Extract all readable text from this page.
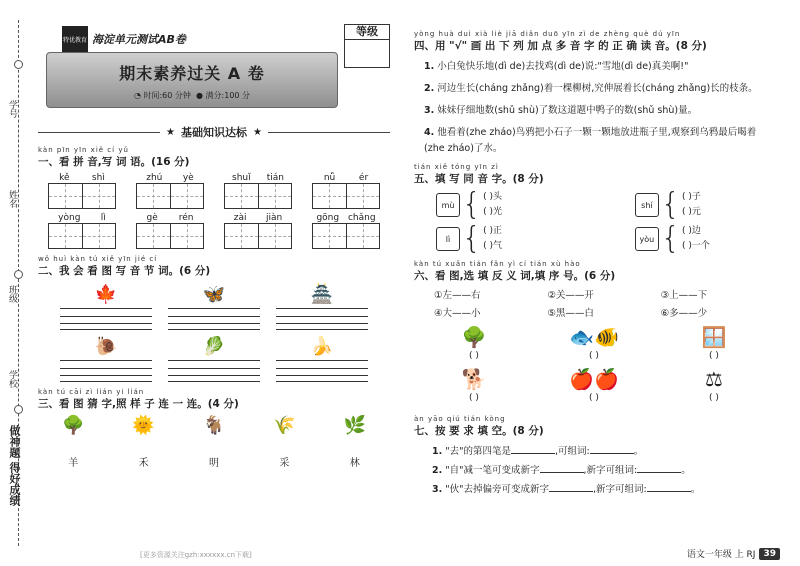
学号
姓名
班级
学校
做神题 得好成绩
特优教育 海淀单元测试AB卷
等级
期末素养过关 A 卷
◔ 时间:60 分钟 ● 满分:100 分
★ 基础知识达标 ★
kàn pīn yīn xiě cí yǔ
一、看 拼 音,写 词 语。(16 分)
kě shì	zhú yè	shuǐ tián	nǚ	ér
yòng lì	gè rén	zài jiàn	gōng chǎng
wǒ huì kàn tú xiě yīn jié cí
二、我 会 看 图 写 音 节 词。(6 分)
🍁	🦋	🏯
🐌	🥬	🍌
kàn tú cāi zì lián yi lián
三、看 图 猜 字,照 样 子 连 一 连。(4 分)
🌳	🌞	🐐	🌾	🌿
羊	禾	明	采	林
[更多资源关注gzh:xxxxxx.cn下载]
yòng huà duì xià liè jiā diǎn duō yīn zì de zhèng què dú yīn
四、用 "√" 画 出 下 列 加 点 多 音 字 的 正 确 读 音。(8 分)
1. 小白兔快乐地(dì de)去找鸡(dì de)说:"雪地(dì de)真美啊!"
2. 河边生长(cháng zhǎng)着一棵柳树,究伸展着长(cháng zhǎng)长的枝条。
3. 妹妹仔细地数(shǔ shù)了数这道题中鸭子的数(shǔ shù)量。
4. 他看着(zhe zháo)鸟鸦把小石子一颗一颗地放进瓶子里,观察到乌鸦最后喝着(zhe zháo)了水。
tián xiě tóng yīn zì
五、填 写 同 音 字。(8 分)
mù { ( )头
( )光
shí { ( )子
( )元
lì { ( )正
( )气
yòu { ( )边
( )一个
kàn tú xuǎn tián fǎn yì cí tián xù hào
六、看 图,选 填 反 义 词,填 序 号。(6 分)
①左——右	②关——开	③上——下
④大——小	⑤黑——白	⑥多——少
🌳
( )
🐟🐠
( )
🪟
( )
🐕
( )
🍎🍎
( )
⚖
( )
àn yāo qiú tián kòng
七、按 要 求 填 空。(8 分)
1. "去"的第四笔是	,可组词:	。
2. "自"减一笔可变成新字	,新字可组词:	。
3. "伙"去掉偏旁可变成新字	,新字可组词:	。
语文一年级 上 RJ 39
